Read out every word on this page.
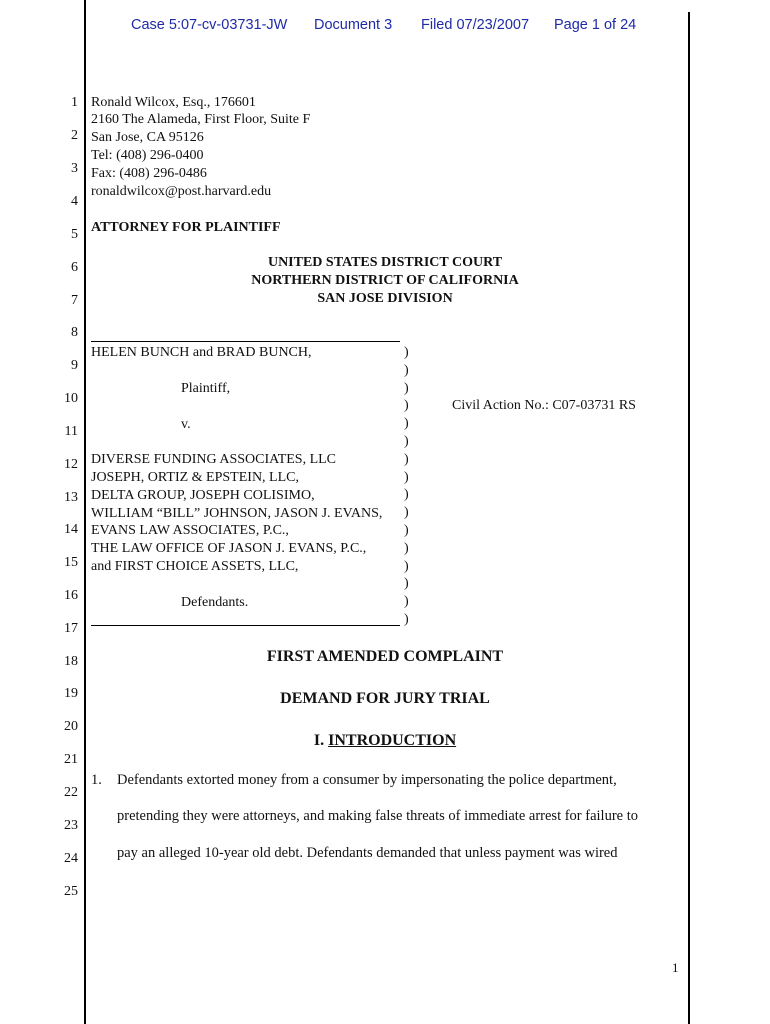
Case 5:07-cv-03731-JW Document 3 Filed 07/23/2007 Page 1 of 24
1
2
3
4
5
6
7
8
9
10
11
12
13
14
15
16
17
18
19
20
21
22
23
24
25
Ronald Wilcox, Esq., 176601
2160 The Alameda, First Floor, Suite F
San Jose, CA 95126
Tel: (408) 296-0400
Fax: (408) 296-0486
ronaldwilcox@post.harvard.edu
ATTORNEY FOR PLAINTIFF
UNITED STATES DISTRICT COURT
NORTHERN DISTRICT OF CALIFORNIA
SAN JOSE DIVISION
HELEN BUNCH and BRAD BUNCH,
Plaintiff,
v.
DIVERSE FUNDING ASSOCIATES, LLC
JOSEPH, ORTIZ & EPSTEIN, LLC,
DELTA GROUP, JOSEPH COLISIMO,
WILLIAM “BILL” JOHNSON, JASON J. EVANS,
EVANS LAW ASSOCIATES, P.C.,
THE LAW OFFICE OF JASON J. EVANS, P.C.,
and FIRST CHOICE ASSETS, LLC,
Defendants.
)
)
)
)
)
)
)
)
)
)
)
)
)
)
)
)
Civil Action No.: C07-03731 RS
FIRST AMENDED COMPLAINT
DEMAND FOR JURY TRIAL
I. INTRODUCTION
1. Defendants extorted money from a consumer by impersonating the police department,
pretending they were attorneys, and making false threats of immediate arrest for failure to
pay an alleged 10-year old debt. Defendants demanded that unless payment was wired
1
